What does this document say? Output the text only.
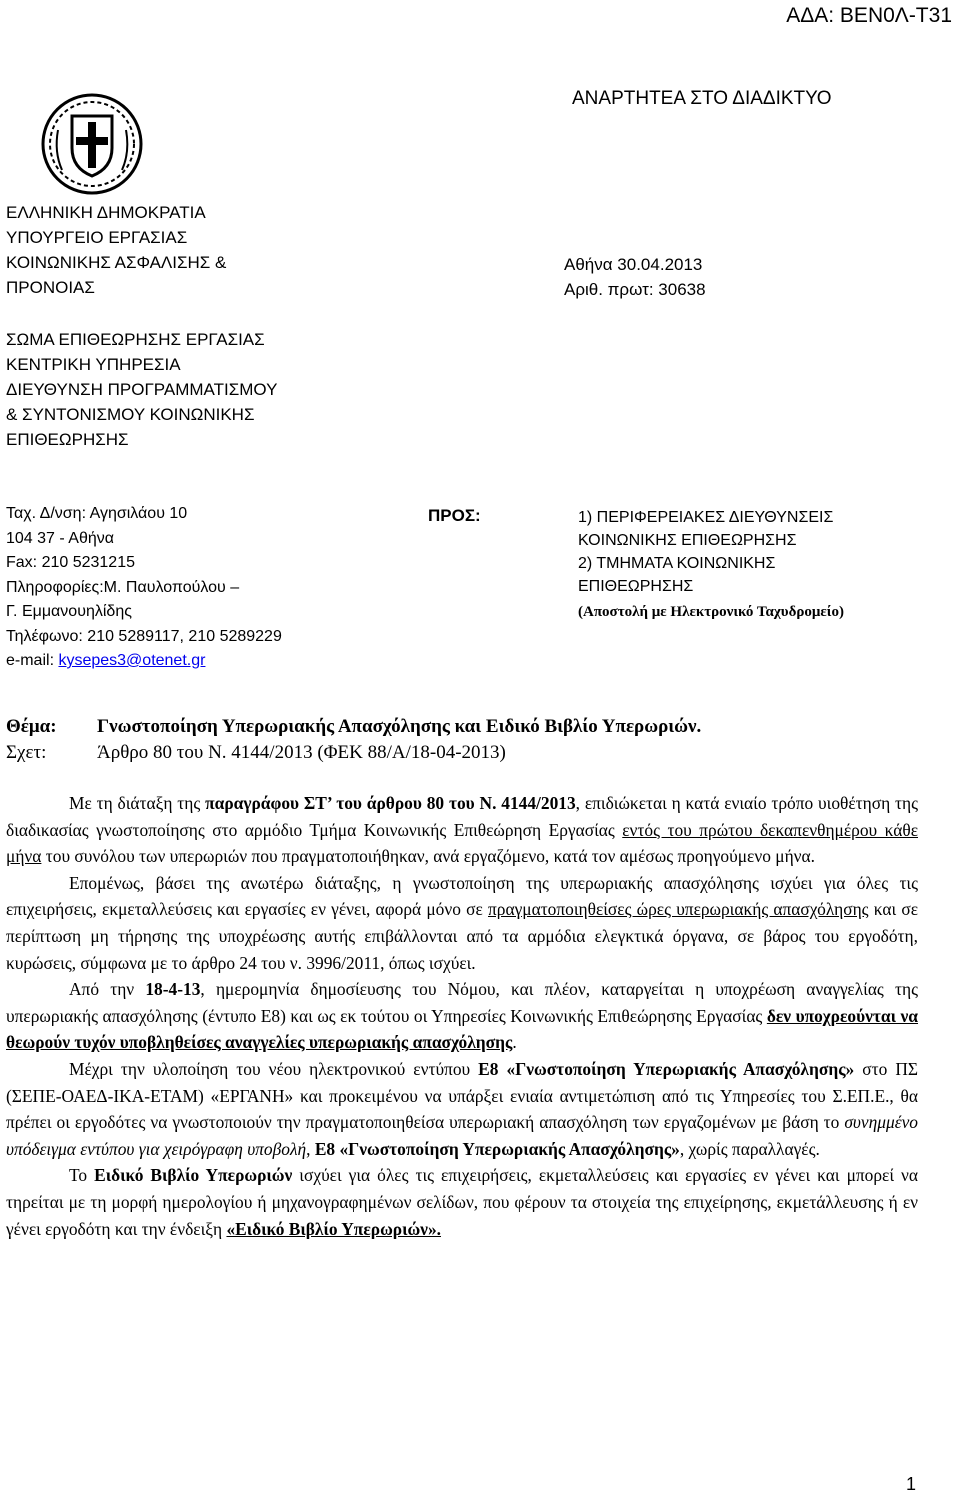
ΑΔΑ: ΒΕΝ0Λ-Τ31
ΑΝΑΡΤΗΤΕΑ ΣΤΟ ΔΙΑΔΙΚΤΥΟ
ΕΛΛΗΝΙΚΗ ΔΗΜΟΚΡΑΤΙΑ
ΥΠΟΥΡΓΕΙΟ ΕΡΓΑΣΙΑΣ
ΚΟΙΝΩΝΙΚΗΣ ΑΣΦΑΛΙΣΗΣ &
ΠΡΟΝΟΙΑΣ
Αθήνα 30.04.2013
Αριθ. πρωτ: 30638
ΣΩΜΑ ΕΠΙΘΕΩΡΗΣΗΣ ΕΡΓΑΣΙΑΣ
ΚΕΝΤΡΙΚΗ ΥΠΗΡΕΣΙΑ
ΔΙΕΥΘΥΝΣΗ ΠΡΟΓΡΑΜΜΑΤΙΣΜΟΥ
& ΣΥΝΤΟΝΙΣΜΟΥ ΚΟΙΝΩΝΙΚΗΣ
ΕΠΙΘΕΩΡΗΣΗΣ
Ταχ. Δ/νση: Αγησιλάου 10
104 37 - Αθήνα
Fax: 210 5231215
Πληροφορίες:Μ. Παυλοπούλου –
Γ. Εμμανουηλίδης
Τηλέφωνο: 210 5289117, 210 5289229
e-mail: kysepes3@otenet.gr
ΠΡΟΣ:	1) ΠΕΡΙΦΕΡΕΙΑΚΕΣ ΔΙΕΥΘΥΝΣΕΙΣ
ΚΟΙΝΩΝΙΚΗΣ ΕΠΙΘΕΩΡΗΣΗΣ
2) ΤΜΗΜΑΤΑ ΚΟΙΝΩΝΙΚΗΣ
ΕΠΙΘΕΩΡΗΣΗΣ
(Αποστολή με Ηλεκτρονικό Ταχυδρομείο)
Θέμα: Γνωστοποίηση Υπερωριακής Απασχόλησης και Ειδικό Βιβλίο Υπερωριών.
Σχετ:	Άρθρο 80 του Ν. 4144/2013 (ΦΕΚ 88/Α/18-04-2013)

Με τη διάταξη της παραγράφου ΣΤ’ του άρθρου 80 του Ν. 4144/2013, επιδιώκεται η κατά ενιαίο τρόπο υιοθέτηση της διαδικασίας γνωστοποίησης στο αρμόδιο Τμήμα Κοινωνικής Επιθεώρηση Εργασίας εντός του πρώτου δεκαπενθημέρου κάθε μήνα του συνόλου των υπερωριών που πραγματοποιήθηκαν, ανά εργαζόμενο, κατά τον αμέσως προηγούμενο μήνα.

Επομένως, βάσει της ανωτέρω διάταξης, η γνωστοποίηση της υπερωριακής απασχόλησης ισχύει για όλες τις επιχειρήσεις, εκμεταλλεύσεις και εργασίες εν γένει, αφορά μόνο σε πραγματοποιηθείσες ώρες υπερωριακής απασχόλησης και σε περίπτωση μη τήρησης της υποχρέωσης αυτής επιβάλλονται από τα αρμόδια ελεγκτικά όργανα, σε βάρος του εργοδότη, κυρώσεις, σύμφωνα με το άρθρο 24 του ν. 3996/2011, όπως ισχύει.

Από την 18-4-13, ημερομηνία δημοσίευσης του Νόμου, και πλέον, καταργείται η υποχρέωση αναγγελίας της υπερωριακής απασχόλησης (έντυπο Ε8) και ως εκ τούτου οι Υπηρεσίες Κοινωνικής Επιθεώρησης Εργασίας δεν υποχρεούνται να θεωρούν τυχόν υποβληθείσες αναγγελίες υπερωριακής απασχόλησης.

Μέχρι την υλοποίηση του νέου ηλεκτρονικού εντύπου Ε8 «Γνωστοποίηση Υπερωριακής Απασχόλησης» στο ΠΣ (ΣΕΠΕ-ΟΑΕΔ-ΙΚΑ-ΕΤΑΜ) «ΕΡΓΑΝΗ» και προκειμένου να υπάρξει ενιαία αντιμετώπιση από τις Υπηρεσίες του Σ.ΕΠ.Ε., θα πρέπει οι εργοδότες να γνωστοποιούν την πραγματοποιηθείσα υπερωριακή απασχόληση των εργαζομένων με βάση το συνημμένο υπόδειγμα εντύπου για χειρόγραφη υποβολή, Ε8 «Γνωστοποίηση Υπερωριακής Απασχόλησης», χωρίς παραλλαγές.

Το Ειδικό Βιβλίο Υπερωριών ισχύει για όλες τις επιχειρήσεις, εκμεταλλεύσεις και εργασίες εν γένει και μπορεί να τηρείται με τη μορφή ημερολογίου ή μηχανογραφημένων σελίδων, που φέρουν τα στοιχεία της επιχείρησης, εκμετάλλευσης ή εν γένει εργοδότη και την ένδειξη «Ειδικό Βιβλίο Υπερωριών».

1
